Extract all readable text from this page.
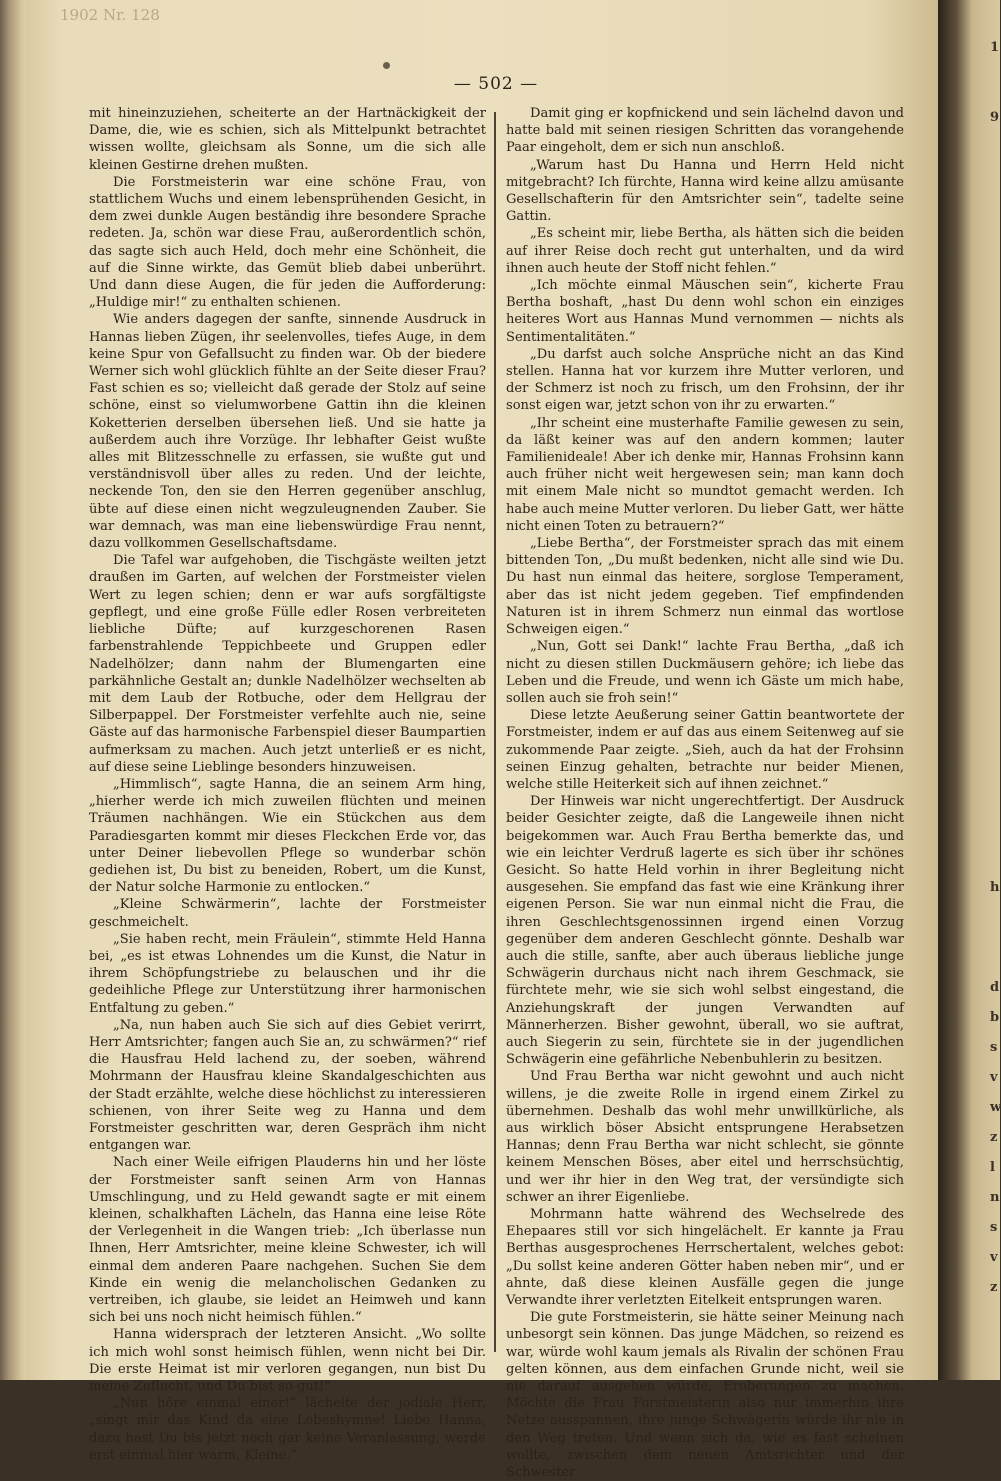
1
9
h
d
b
s
v
w
z
l
n
s
v
z
1902 Nr. 128
— 502 —

mit hineinzuziehen, scheiterte an der Hartnäckigkeit der Dame, die, wie es schien, sich als Mittelpunkt betrachtet wissen wollte, gleichsam als Sonne, um die sich alle kleinen Gestirne drehen mußten.

Die Forstmeisterin war eine schöne Frau, von stattlichem Wuchs und einem lebensprühenden Gesicht, in dem zwei dunkle Augen beständig ihre besondere Sprache redeten. Ja, schön war diese Frau, außerordentlich schön, das sagte sich auch Held, doch mehr eine Schönheit, die auf die Sinne wirkte, das Gemüt blieb dabei unberührt. Und dann diese Augen, die für jeden die Aufforderung: „Huldige mir!“ zu enthalten schienen.

Wie anders dagegen der sanfte, sinnende Ausdruck in Hannas lieben Zügen, ihr seelenvolles, tiefes Auge, in dem keine Spur von Gefallsucht zu finden war. Ob der biedere Werner sich wohl glücklich fühlte an der Seite dieser Frau? Fast schien es so; vielleicht daß gerade der Stolz auf seine schöne, einst so vielumworbene Gattin ihn die kleinen Koketterien derselben übersehen ließ. Und sie hatte ja außerdem auch ihre Vorzüge. Ihr lebhafter Geist wußte alles mit Blitzesschnelle zu erfassen, sie wußte gut und verständnisvoll über alles zu reden. Und der leichte, neckende Ton, den sie den Herren gegenüber anschlug, übte auf diese einen nicht wegzuleugnenden Zauber. Sie war demnach, was man eine liebenswürdige Frau nennt, dazu vollkommen Gesellschaftsdame.

Die Tafel war aufgehoben, die Tischgäste weilten jetzt draußen im Garten, auf welchen der Forstmeister vielen Wert zu legen schien; denn er war aufs sorgfältigste gepflegt, und eine große Fülle edler Rosen verbreiteten liebliche Düfte; auf kurzgeschorenen Rasen farbenstrahlende Teppichbeete und Gruppen edler Nadelhölzer; dann nahm der Blumengarten eine parkähnliche Gestalt an; dunkle Nadelhölzer wechselten ab mit dem Laub der Rotbuche, oder dem Hellgrau der Silberpappel. Der Forstmeister verfehlte auch nie, seine Gäste auf das harmonische Farbenspiel dieser Baumpartien aufmerksam zu machen. Auch jetzt unterließ er es nicht, auf diese seine Lieblinge besonders hinzuweisen.

„Himmlisch“, sagte Hanna, die an seinem Arm hing, „hierher werde ich mich zuweilen flüchten und meinen Träumen nachhängen. Wie ein Stückchen aus dem Paradiesgarten kommt mir dieses Fleckchen Erde vor, das unter Deiner liebevollen Pflege so wunderbar schön gediehen ist, Du bist zu beneiden, Robert, um die Kunst, der Natur solche Harmonie zu entlocken.“

„Kleine Schwärmerin“, lachte der Forstmeister geschmeichelt.

„Sie haben recht, mein Fräulein“, stimmte Held Hanna bei, „es ist etwas Lohnendes um die Kunst, die Natur in ihrem Schöpfungstriebe zu belauschen und ihr die gedeihliche Pflege zur Unterstützung ihrer harmonischen Entfaltung zu geben.“

„Na, nun haben auch Sie sich auf dies Gebiet verirrt, Herr Amtsrichter; fangen auch Sie an, zu schwärmen?“ rief die Hausfrau Held lachend zu, der soeben, während Mohrmann der Hausfrau kleine Skandalgeschichten aus der Stadt erzählte, welche diese höchlichst zu interessieren schienen, von ihrer Seite weg zu Hanna und dem Forstmeister geschritten war, deren Gespräch ihm nicht entgangen war.

Nach einer Weile eifrigen Plauderns hin und her löste der Forstmeister sanft seinen Arm von Hannas Umschlingung, und zu Held gewandt sagte er mit einem kleinen, schalkhaften Lächeln, das Hanna eine leise Röte der Verlegenheit in die Wangen trieb: „Ich überlasse nun Ihnen, Herr Amtsrichter, meine kleine Schwester, ich will einmal dem anderen Paare nachgehen. Suchen Sie dem Kinde ein wenig die melancholischen Gedanken zu vertreiben, ich glaube, sie leidet an Heimweh und kann sich bei uns noch nicht heimisch fühlen.“

Hanna widersprach der letzteren Ansicht. „Wo sollte ich mich wohl sonst heimisch fühlen, wenn nicht bei Dir. Die erste Heimat ist mir verloren gegangen, nun bist Du meine Zuflucht, und Du bist so gut!“

„Nun höre einmal einer!“ lächelte der jodiale Herr, „singt mir das Kind da eine Lobeshymne! Liebe Hanna, dazu hast Du bis jetzt noch gar keine Veranlassung, werde erst einmal hier warm, Kleine.“

Damit ging er kopfnickend und sein lächelnd davon und hatte bald mit seinen riesigen Schritten das vorangehende Paar eingeholt, dem er sich nun anschloß.

„Warum hast Du Hanna und Herrn Held nicht mitgebracht? Ich fürchte, Hanna wird keine allzu amüsante Gesellschafterin für den Amtsrichter sein“, tadelte seine Gattin.

„Es scheint mir, liebe Bertha, als hätten sich die beiden auf ihrer Reise doch recht gut unterhalten, und da wird ihnen auch heute der Stoff nicht fehlen.“

„Ich möchte einmal Mäuschen sein“, kicherte Frau Bertha boshaft, „hast Du denn wohl schon ein einziges heiteres Wort aus Hannas Mund vernommen — nichts als Sentimentalitäten.“

„Du darfst auch solche Ansprüche nicht an das Kind stellen. Hanna hat vor kurzem ihre Mutter verloren, und der Schmerz ist noch zu frisch, um den Frohsinn, der ihr sonst eigen war, jetzt schon von ihr zu erwarten.“

„Ihr scheint eine musterhafte Familie gewesen zu sein, da läßt keiner was auf den andern kommen; lauter Familienideale! Aber ich denke mir, Hannas Frohsinn kann auch früher nicht weit hergewesen sein; man kann doch mit einem Male nicht so mundtot gemacht werden. Ich habe auch meine Mutter verloren. Du lieber Gatt, wer hätte nicht einen Toten zu betrauern?“

„Liebe Bertha“, der Forstmeister sprach das mit einem bittenden Ton, „Du mußt bedenken, nicht alle sind wie Du. Du hast nun einmal das heitere, sorglose Temperament, aber das ist nicht jedem gegeben. Tief empfindenden Naturen ist in ihrem Schmerz nun einmal das wortlose Schweigen eigen.“

„Nun, Gott sei Dank!“ lachte Frau Bertha, „daß ich nicht zu diesen stillen Duckmäusern gehöre; ich liebe das Leben und die Freude, und wenn ich Gäste um mich habe, sollen auch sie froh sein!“

Diese letzte Aeußerung seiner Gattin beantwortete der Forstmeister, indem er auf das aus einem Seitenweg auf sie zukommende Paar zeigte. „Sieh, auch da hat der Frohsinn seinen Einzug gehalten, betrachte nur beider Mienen, welche stille Heiterkeit sich auf ihnen zeichnet.“

Der Hinweis war nicht ungerechtfertigt. Der Ausdruck beider Gesichter zeigte, daß die Langeweile ihnen nicht beigekommen war. Auch Frau Bertha bemerkte das, und wie ein leichter Verdruß lagerte es sich über ihr schönes Gesicht. So hatte Held vorhin in ihrer Begleitung nicht ausgesehen. Sie empfand das fast wie eine Kränkung ihrer eigenen Person. Sie war nun einmal nicht die Frau, die ihren Geschlechtsgenossinnen irgend einen Vorzug gegenüber dem anderen Geschlecht gönnte. Deshalb war auch die stille, sanfte, aber auch überaus liebliche junge Schwägerin durchaus nicht nach ihrem Geschmack, sie fürchtete mehr, wie sie sich wohl selbst eingestand, die Anziehungskraft der jungen Verwandten auf Männerherzen. Bisher gewohnt, überall, wo sie auftrat, auch Siegerin zu sein, fürchtete sie in der jugendlichen Schwägerin eine gefährliche Nebenbuhlerin zu besitzen.

Und Frau Bertha war nicht gewohnt und auch nicht willens, je die zweite Rolle in irgend einem Zirkel zu übernehmen. Deshalb das wohl mehr unwillkürliche, als aus wirklich böser Absicht entsprungene Herabsetzen Hannas; denn Frau Bertha war nicht schlecht, sie gönnte keinem Menschen Böses, aber eitel und herrschsüchtig, und wer ihr hier in den Weg trat, der versündigte sich schwer an ihrer Eigenliebe.

Mohrmann hatte während des Wechselrede des Ehepaares still vor sich hingelächelt. Er kannte ja Frau Berthas ausgesprochenes Herrschertalent, welches gebot: „Du sollst keine anderen Götter haben neben mir“, und er ahnte, daß diese kleinen Ausfälle gegen die junge Verwandte ihrer verletzten Eitelkeit entsprungen waren.

Die gute Forstmeisterin, sie hätte seiner Meinung nach unbesorgt sein können. Das junge Mädchen, so reizend es war, würde wohl kaum jemals als Rivalin der schönen Frau gelten können, aus dem einfachen Grunde nicht, weil sie nie darauf ausgehen würde, Eroberungen zu machen. Möchte die Frau Forstmeisterin also nur immerhin ihre Netze ausspannen, ihre junge Schwägerin würde ihr nie in den Weg treten. Und wenn sich da, wie es fast scheinen wollte, zwischen dem neuen Amtsrichter und der Schwester
